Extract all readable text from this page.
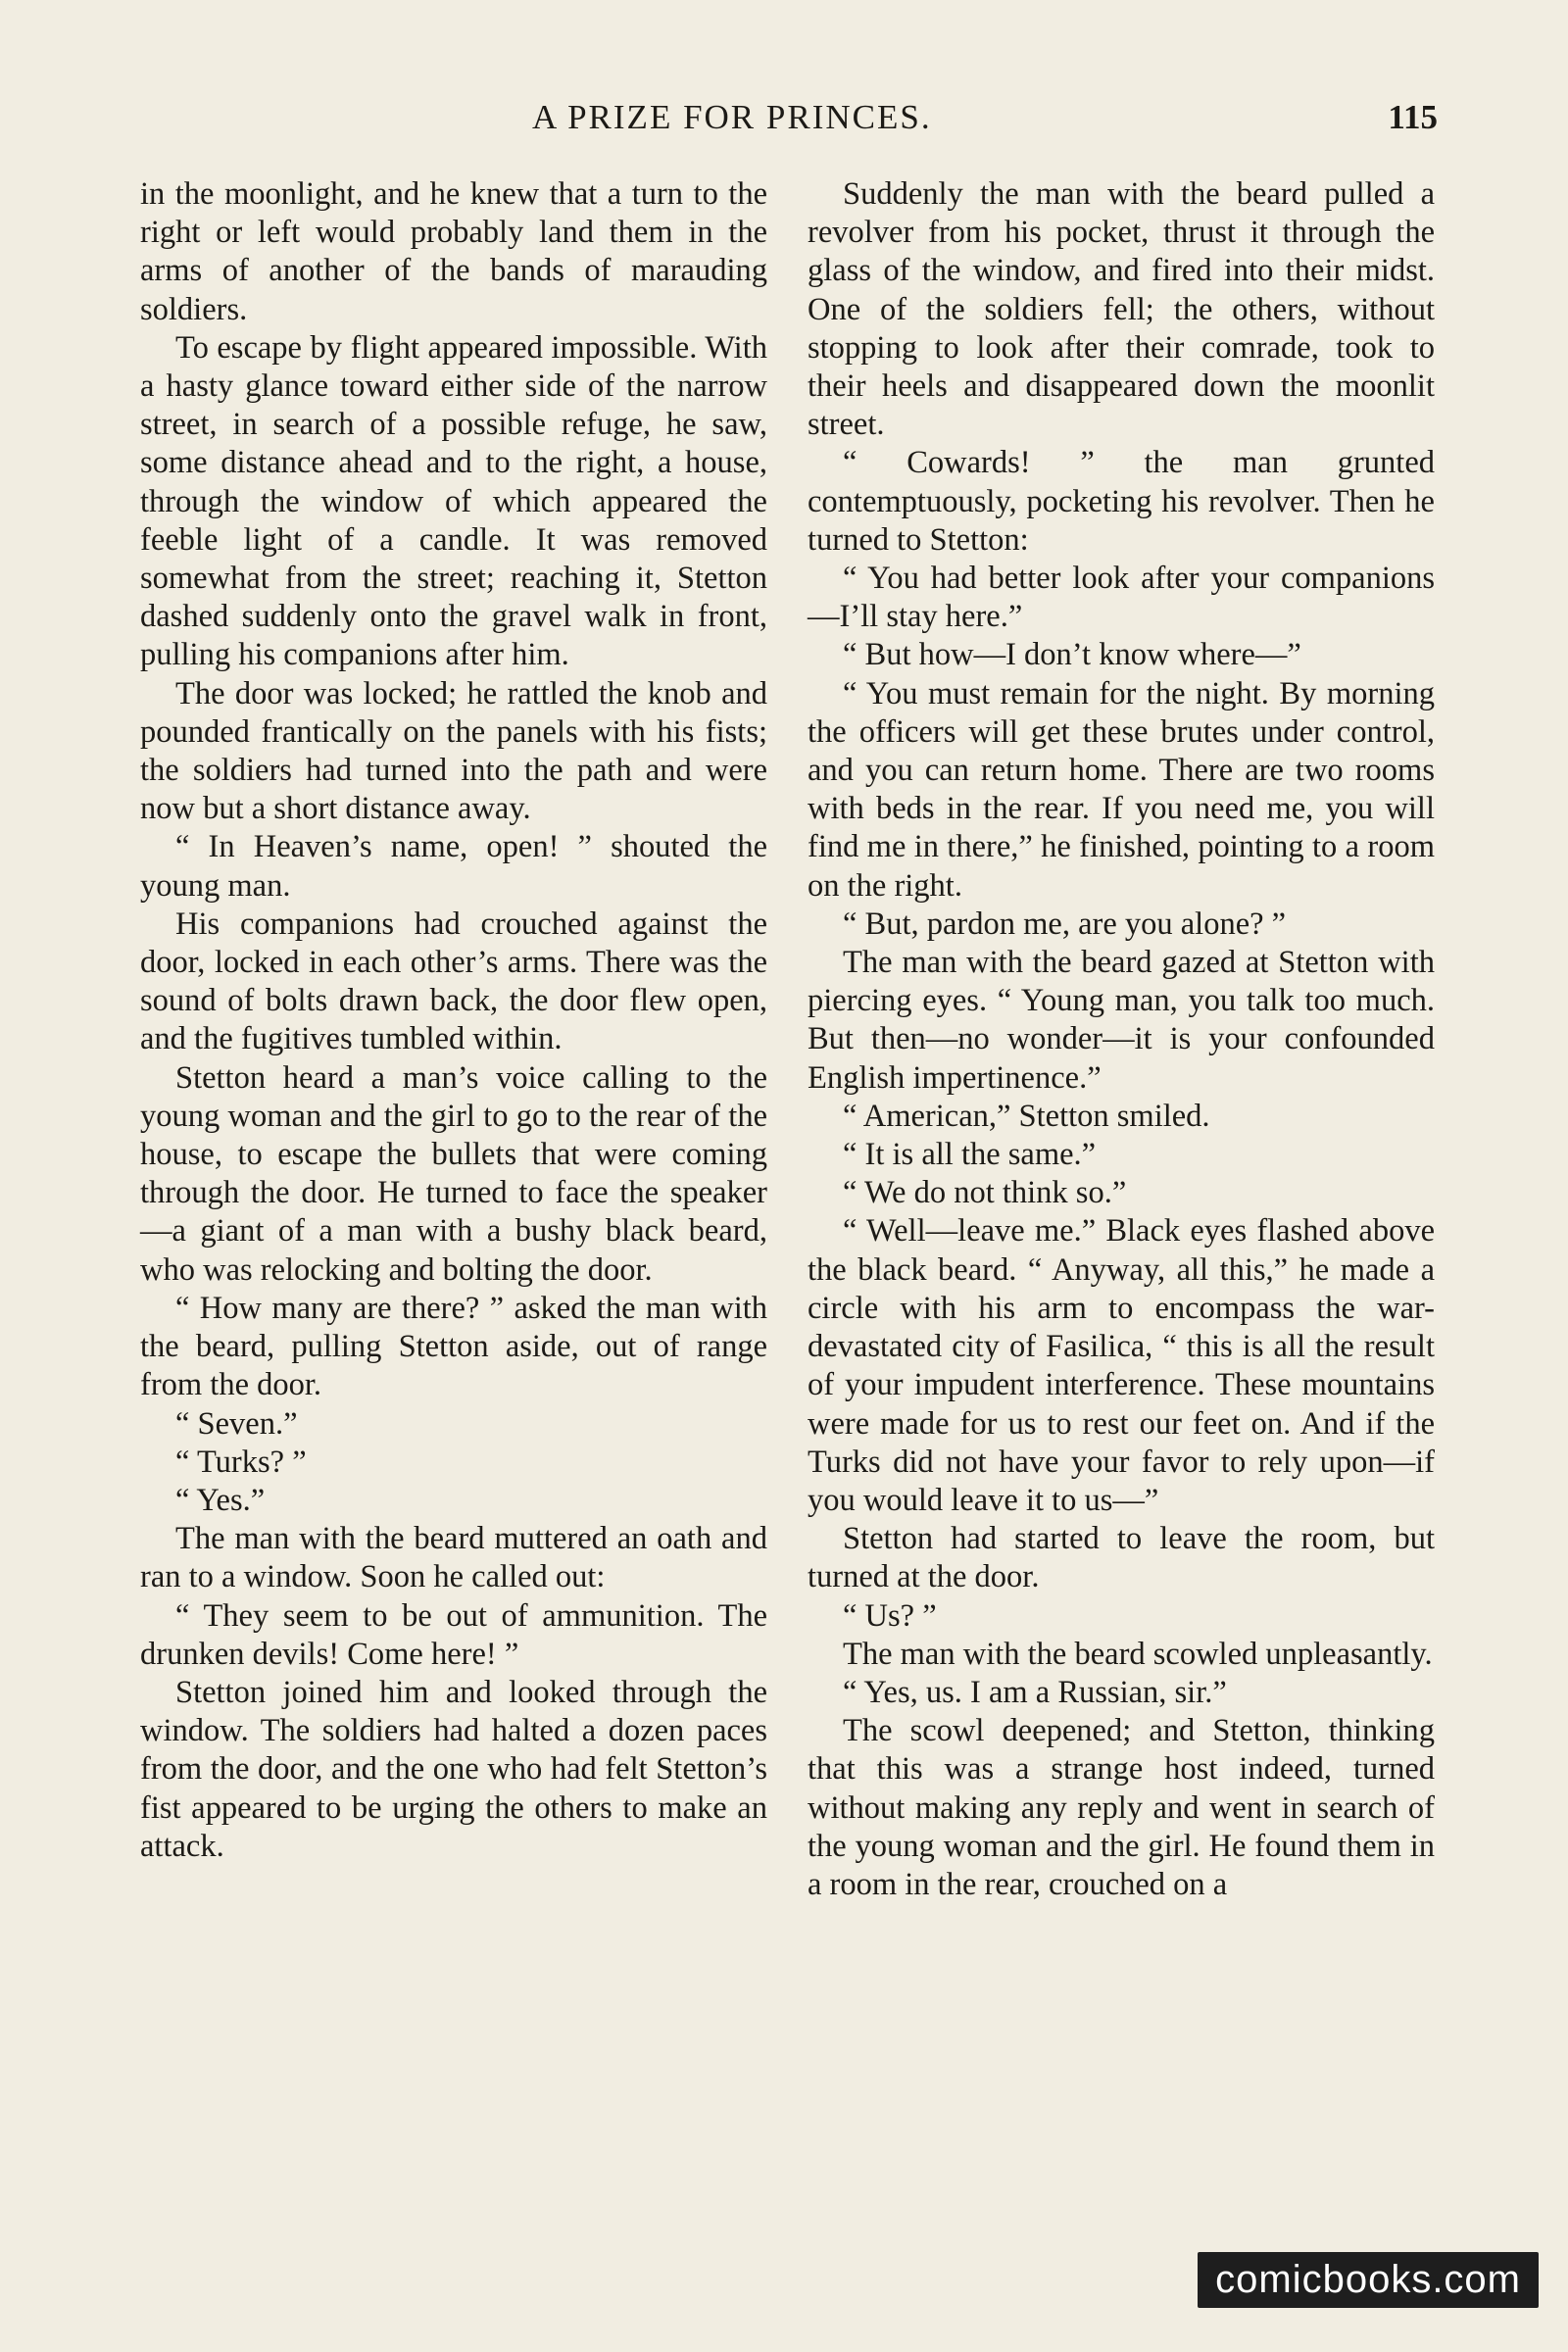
A PRIZE FOR PRINCES.	115

in the moonlight, and he knew that a turn to the right or left would probably land them in the arms of another of the bands of marauding soldiers.

To escape by flight appeared impossible. With a hasty glance toward either side of the narrow street, in search of a possible refuge, he saw, some distance ahead and to the right, a house, through the window of which appeared the feeble light of a candle. It was removed somewhat from the street; reaching it, Stetton dashed suddenly onto the gravel walk in front, pulling his companions after him.

The door was locked; he rattled the knob and pounded frantically on the panels with his fists; the soldiers had turned into the path and were now but a short distance away.

“ In Heaven’s name, open! ” shouted the young man.

His companions had crouched against the door, locked in each other’s arms. There was the sound of bolts drawn back, the door flew open, and the fugitives tumbled within.

Stetton heard a man’s voice calling to the young woman and the girl to go to the rear of the house, to escape the bullets that were coming through the door. He turned to face the speaker —a giant of a man with a bushy black beard, who was relocking and bolting the door.

“ How many are there? ” asked the man with the beard, pulling Stetton aside, out of range from the door.

“ Seven.”

“ Turks? ”

“ Yes.”

The man with the beard muttered an oath and ran to a window. Soon he called out:

“ They seem to be out of ammunition. The drunken devils! Come here! ”

Stetton joined him and looked through the window. The soldiers had halted a dozen paces from the door, and the one who had felt Stetton’s fist appeared to be urging the others to make an attack.

Suddenly the man with the beard pulled a revolver from his pocket, thrust it through the glass of the window, and fired into their midst. One of the soldiers fell; the others, without stopping to look after their comrade, took to their heels and disappeared down the moonlit street.

“ Cowards! ” the man grunted contemptuously, pocketing his revolver. Then he turned to Stetton:

“ You had better look after your companions—I’ll stay here.”

“ But how—I don’t know where—”

“ You must remain for the night. By morning the officers will get these brutes under control, and you can return home. There are two rooms with beds in the rear. If you need me, you will find me in there,” he finished, pointing to a room on the right.

“ But, pardon me, are you alone? ”

The man with the beard gazed at Stetton with piercing eyes. “ Young man, you talk too much. But then—no wonder—it is your confounded English impertinence.”

“ American,” Stetton smiled.

“ It is all the same.”

“ We do not think so.”

“ Well—leave me.” Black eyes flashed above the black beard. “ Anyway, all this,” he made a circle with his arm to encompass the war-devastated city of Fasilica, “ this is all the result of your impudent interference. These mountains were made for us to rest our feet on. And if the Turks did not have your favor to rely upon—if you would leave it to us—”

Stetton had started to leave the room, but turned at the door.

“ Us? ”

The man with the beard scowled unpleasantly.

“ Yes, us. I am a Russian, sir.”

The scowl deepened; and Stetton, thinking that this was a strange host indeed, turned without making any reply and went in search of the young woman and the girl. He found them in a room in the rear, crouched on a

comicbooks.com
